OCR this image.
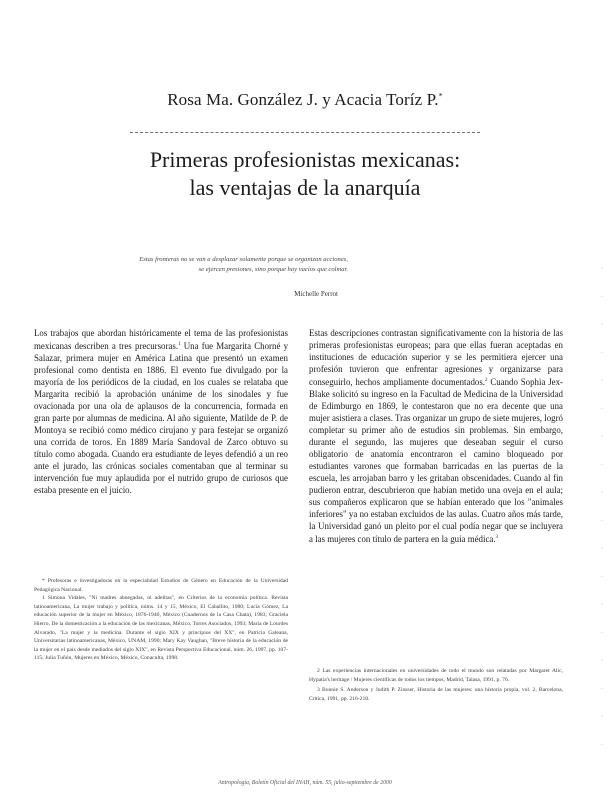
Rosa Ma. González J. y Acacia Toríz P.*
Primeras profesionistas mexicanas:
las ventajas de la anarquía
Estas fronteras no se van a desplazar solamente porque se organizan acciones, se ejercen presiones, sino porque hay vacíos que colmar.
Michelle Perrot

Los trabajos que abordan históricamente el tema de las profesionistas mexicanas describen a tres precursoras.$^1$ Una fue Margarita Chorné y Salazar, primera mujer en América Latina que presentó un examen profesional como dentista en 1886. El evento fue divulgado por la mayoría de los periódicos de la ciudad, en los cuales se relataba que Margarita recibió la aprobación unánime de los sinodales y fue ovacionada por una ola de aplausos de la concurrencia, formada en gran parte por alumnas de medicina. Al año siguiente, Matilde de P. de Montoya se recibió como médico cirujano y para festejar se organizó una corrida de toros. En 1889 María Sandoval de Zarco obtuvo su título como abogada. Cuando era estudiante de leyes defendió a un reo ante el jurado, las crónicas sociales comentaban que al terminar su intervención fue muy aplaudida por el nutrido grupo de curiosos que estaba presente en el juicio.

Estas descripciones contrastan significativamente con la historia de las primeras profesionistas europeas; para que ellas fueran aceptadas en instituciones de educación superior y se les permitiera ejercer una profesión tuvieron que enfrentar agresiones y organizarse para conseguirlo, hechos ampliamente documentados.$^2$ Cuando Sophia Jex-Blake solicitó su ingreso en la Facultad de Medicina de la Universidad de Edimburgo en 1869, le contestaron que no era decente que una mujer asistiera a clases. Tras organizar un grupo de siete mujeres, logró completar su primer año de estudios sin problemas. Sin embargo, durante el segundo, las mujeres que deseaban seguir el curso obligatorio de anatomía encontraron el camino bloqueado por estudiantes varones que formaban barricadas en las puertas de la escuela, les arrojaban barro y les gritaban obscenidades. Cuando al fin pudieron entrar, descubrieron que habían metido una oveja en el aula; sus compañeros explicaron que se habían enterado que los "animales inferiores" ya no estaban excluidos de las aulas. Cuatro años más tarde, la Universidad ganó un pleito por el cual podía negar que se incluyera a las mujeres con título de partera en la guía médica.$^3$

* Profesoras e investigadoras en la especialidad Estudios de Género en Educación de la Universidad Pedagógica Nacional.

1 Simona Vidales, "Ni madres abnegadas, ni adelitas", en Criterios de la economía política. Revista latinoamericana, La mujer trabajo y política, núms. 14 y 15, México, El Caballito, 1980; Lucía Gómez, La educación superior de la mujer en México, 1876-1940, México (Cuadernos de la Casa Chata), 1983; Graciela Hierro, De la domesticación a la educación de las mexicanas, México, Torres Asociados, 1993; María de Lourdes Alvarado, "La mujer y la medicina. Durante el siglo XIX y principios del XX", en Patricia Galeana, Universitarias latinoamericanas, México, UNAM, 1990; Mary Kay Vaughan, "Breve historia de la educación de la mujer en el país desde mediados del siglo XIX", en Revista Perspectiva Educacional, núm. 26, 1997, pp. 107-115; Julia Tuñón, Mujeres en México, México, Conaculta, 1998.

2 Las experiencias internacionales en universidades de todo el mundo son relatadas por Margaret Alic, Hypatia's heritage / Mujeres científicas de todos los tiempos, Madrid, Talasa, 1991, p. 76.

3 Bonnie S. Anderson y Judith P. Zinsser, Historia de las mujeres: una historia propia, vol. 2, Barcelona, Crítica, 1991, pp. 216-218.

Antropología, Boletín Oficial del INAH, núm. 55, julio-septiembre de 2000
·
·
·
·
·
·
·
·
·
·
·
·
·
·
·
·
·
·
